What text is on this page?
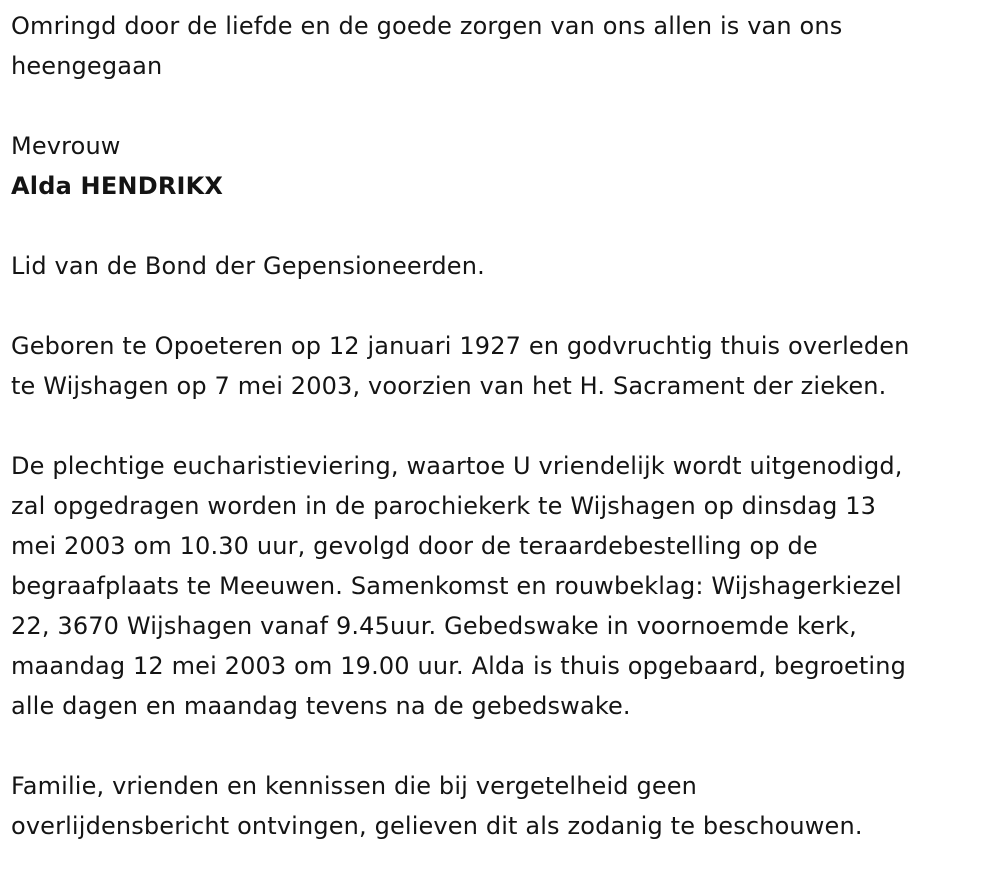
Omringd door de liefde en de goede zorgen van ons allen is van ons
heengegaan

Mevrouw

Alda HENDRIKX

Lid van de Bond der Gepensioneerden.

Geboren te Opoeteren op 12 januari 1927 en godvruchtig thuis overleden
te Wijshagen op 7 mei 2003, voorzien van het H. Sacrament der zieken.

De plechtige eucharistieviering, waartoe U vriendelijk wordt uitgenodigd,
zal opgedragen worden in de parochiekerk te Wijshagen op dinsdag 13
mei 2003 om 10.30 uur, gevolgd door de teraardebestelling op de
begraafplaats te Meeuwen. Samenkomst en rouwbeklag: Wijshagerkiezel
22, 3670 Wijshagen vanaf 9.45uur. Gebedswake in voornoemde kerk,
maandag 12 mei 2003 om 19.00 uur. Alda is thuis opgebaard, begroeting
alle dagen en maandag tevens na de gebedswake.

Familie, vrienden en kennissen die bij vergetelheid geen
overlijdensbericht ontvingen, gelieven dit als zodanig te beschouwen.
